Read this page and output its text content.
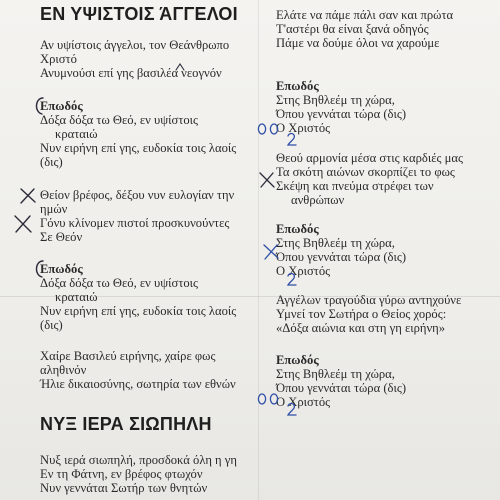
ΕΝ ΥΨΙΣΤΟΙΣ ΆΓΓΕΛΟΙ
Αν υψίστοις άγγελοι, τον Θεάνθρωπο
Χριστό
Ανυμνούσι επί γης βασιλέα νεογνόν
Επωδός
Δόξα δόξα τω Θεό, εν υψίστοις
κραταιώ
Νυν ειρήνη επί γης, ευδοκία τοις λαοίς
(δις)
Θείον βρέφος, δέξου νυν ευλογίαν την
ημών
Γόνυ κλίνομεν πιστοί προσκυνούντες
Σε Θεόν
Επωδός
Δόξα δόξα τω Θεό, εν υψίστοις
κραταιώ
Νυν ειρήνη επί γης, ευδοκία τοις λαοίς
(δις)
Χαίρε Βασιλεύ ειρήνης, χαίρε φως
αληθινόν
Ήλιε δικαιοσύνης, σωτηρία των εθνών
ΝΥΞ ΙΕΡΑ ΣΙΩΠΗΛΗ
Νυξ ιερά σιωπηλή, προσδοκά όλη η γη
Εν τη Φάτνη, εν βρέφος φτωχόν
Νυν γεννάται Σωτήρ των θνητών
Ελάτε να πάμε πάλι σαν και πρώτα
Τ'αστέρι θα είναι ξανά οδηγός
Πάμε να δούμε όλοι να χαρούμε
Επωδός
Στης Βηθλεέμ τη χώρα,
Όπου γεννάται τώρα (δις)
Ο Χριστός
Θεού αρμονία μέσα στις καρδιές μας
Τα σκότη αιώνων σκορπίζει το φως
Σκέψη και πνεύμα στρέφει των
ανθρώπων
Επωδός
Στης Βηθλεέμ τη χώρα,
Όπου γεννάται τώρα (δις)
Ο Χριστός
Αγγέλων τραγούδια γύρω αντηχούνε
Υμνεί τον Σωτήρα ο Θείος χορός:
«Δόξα αιώνια και στη γη ειρήνη»
Επωδός
Στης Βηθλεέμ τη χώρα,
Όπου γεννάται τώρα (δις)
Ο Χριστός
